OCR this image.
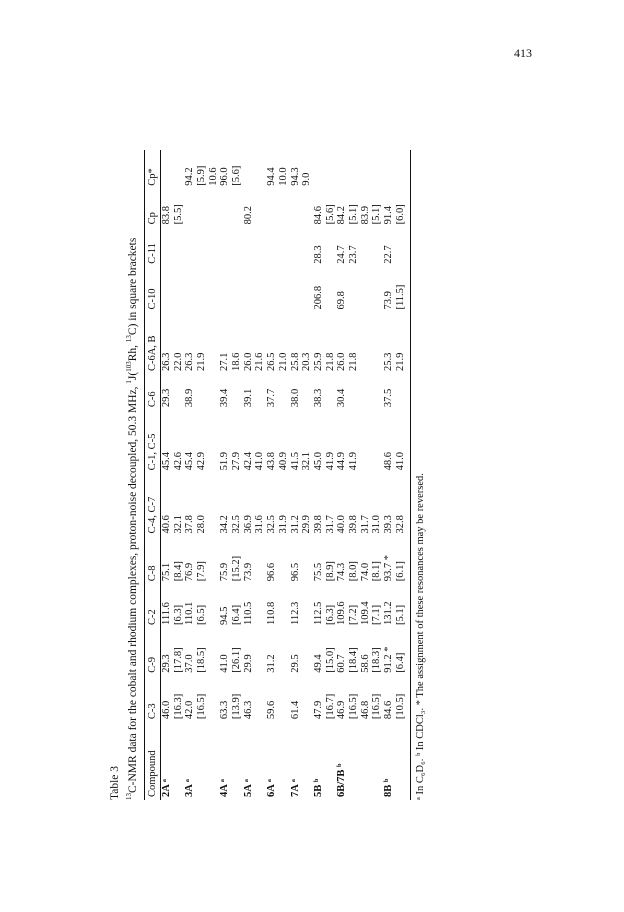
413
Table 3 $^{13}$C-NMR data for the cobalt and rhodium complexes, proton-noise decoupled, 50.3 MHz, $^1$J($^{103}$Rh, $^{13}$C) in square brackets
Compound	C-3	C-9	C-2	C-8	C-4, C-7	C-1, C-5	C-6	C-6A, B	C-10	C-11	Cp	Cp*
2A ᵃ	46.0	29.3	111.6	75.1	40.6	45.4	29.3	26.3			83.8	
	[16.3]	[17.8]	[6.3]	[8.4]	32.1	42.6		22.0			[5.5]	
3A ᵃ	42.0	37.0	110.1	76.9	37.8	45.4	38.9	26.3				94.2
	[16.5]	[18.5]	[6.5]	[7.9]	28.0	42.9		21.9				[5.9]
												10.6
4A ᵃ	63.3	41.0	94.5	75.9	34.2	51.9	39.4	27.1				96.0
	[13.9]	[26.1]	[6.4]	[15.2]	32.5	27.9		18.6				[5.6]
5A ᵃ	46.3	29.9	110.5	73.9	36.9	42.4	39.1	26.0			80.2	
					31.6	41.0		21.6				
6A ᵃ	59.6	31.2	110.8	96.6	32.5	43.8	37.7	26.5				94.4
					31.9	40.9		21.0				10.0
7A ᵃ	61.4	29.5	112.3	96.5	31.2	41.5	38.0	25.8				94.3
					29.9	32.1		20.3				9.0
5B ᵇ	47.9	49.4	112.5	75.5	39.8	45.0	38.3	25.9	206.8	28.3	84.6	
	[16.7]	[15.0]	[6.3]	[8.9]	31.7	41.9		21.8			[5.6]	
6B/7B ᵇ	46.9	60.7	109.6	74.3	40.0	44.9	30.4	26.0	69.8	24.7	84.2	
	[16.5]	[18.4]	[7.2]	[8.0]	39.8	41.9		21.8		23.7	[5.1]	
	46.8	58.6	109.4	74.0	31.7						83.9	
	[16.5]	[18.3]	[7.1]	[8.1]	31.0						[5.1]	
8B ᵇ	84.6	91.2 *	131.2	93.7 *	39.3	48.6	37.5	25.3	73.9	22.7	91.4	
	[10.5]	[6.4]	[5.1]	[6.1]	32.8	41.0		21.9	[11.5]		[6.0]	
ᵃ In C₆D₆. ᵇ In CDCl₃. * The assignment of these resonances may be reversed.
